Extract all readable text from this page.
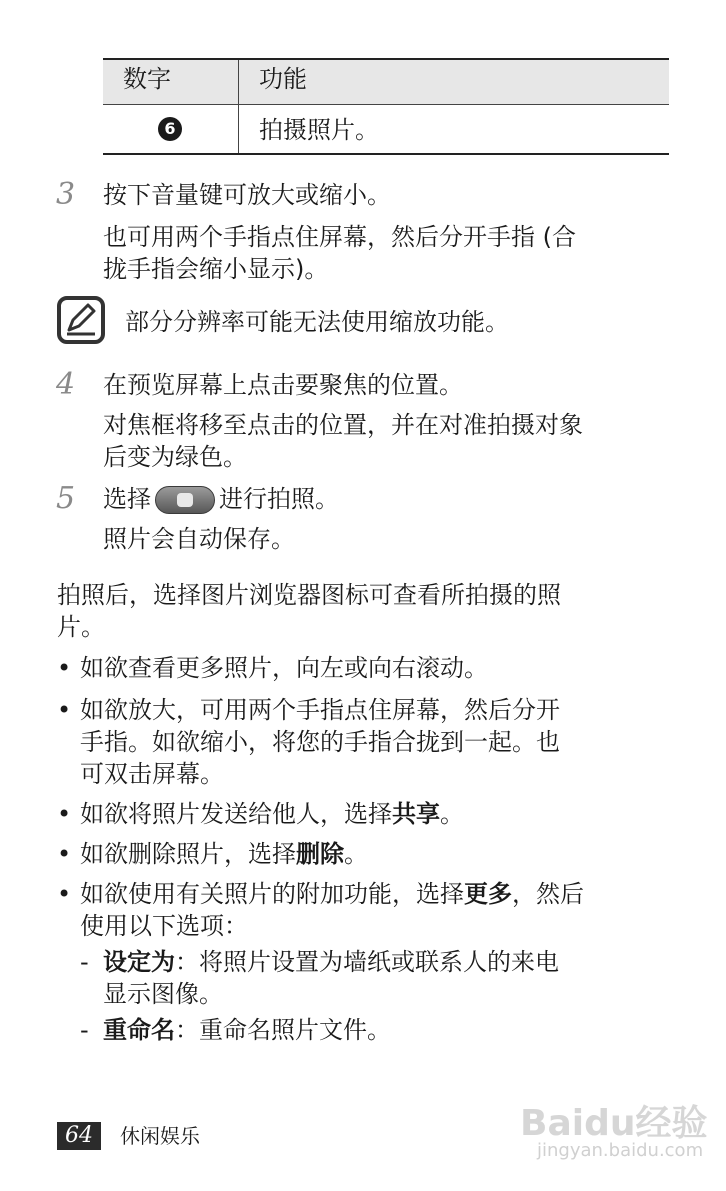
数字	功能
6	拍摄照片。
3 按下音量键可放大或缩小。
也可用两个手指点住屏幕，然后分开手指 (合
拢手指会缩小显示)。
部分分辨率可能无法使用缩放功能。
4 在预览屏幕上点击要聚焦的位置。
对焦框将移至点击的位置，并在对准拍摄对象
后变为绿色。
5 选择	进行拍照。
照片会自动保存。
拍照后，选择图片浏览器图标可查看所拍摄的照
片。
• 如欲查看更多照片，向左或向右滚动。
• 如欲放大，可用两个手指点住屏幕，然后分开
手指。如欲缩小，将您的手指合拢到一起。也
可双击屏幕。
• 如欲将照片发送给他人，选择共享。
• 如欲删除照片，选择删除。
• 如欲使用有关照片的附加功能，选择更多，然后
使用以下选项：
- 设定为：将照片设置为墙纸或联系人的来电
显示图像。
- 重命名：重命名照片文件。
64	休闲娱乐	Baidu经验
jingyan.baidu.com
